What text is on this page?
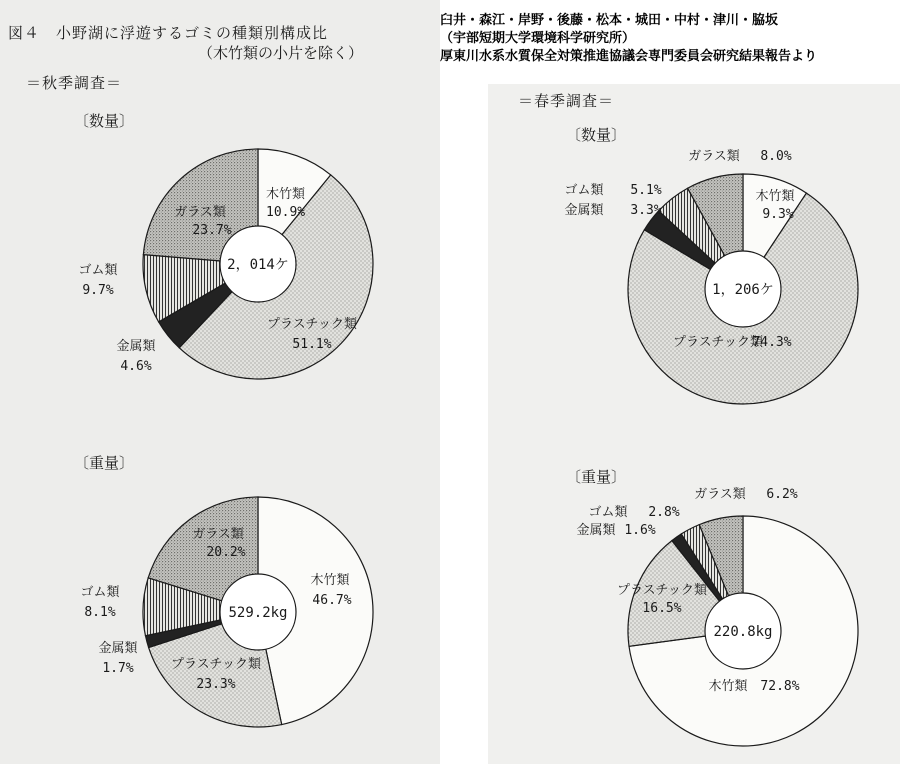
図４　小野湖に浮遊するゴミの種類別構成比
（木竹類の小片を除く）
臼井・森江・岸野・後藤・松本・城田・中村・津川・脇坂
（宇部短期大学環境科学研究所）
厚東川水系水質保全対策推進協議会専門委員会研究結果報告より
＝秋季調査＝
＝春季調査＝
〔数量〕
〔重量〕
〔数量〕
〔重量〕
2，014ケ
木竹類
10.9%
プラスチック類
51.1%
金属類
4.6%
ゴム類
9.7%
ガラス類
23.7%
529.2kg
木竹類
46.7%
プラスチック類
23.3%
金属類
1.7%
ゴム類
8.1%
ガラス類
20.2%
1，206ケ
木竹類
9.3%
プラスチック類
74.3%
金属類 3.3%
ゴム類 5.1%
ガラス類 8.0%
220.8kg
木竹類 72.8%
プラスチック類
16.5%
金属類 1.6%
ゴム類 2.8%
ガラス類 6.2%
